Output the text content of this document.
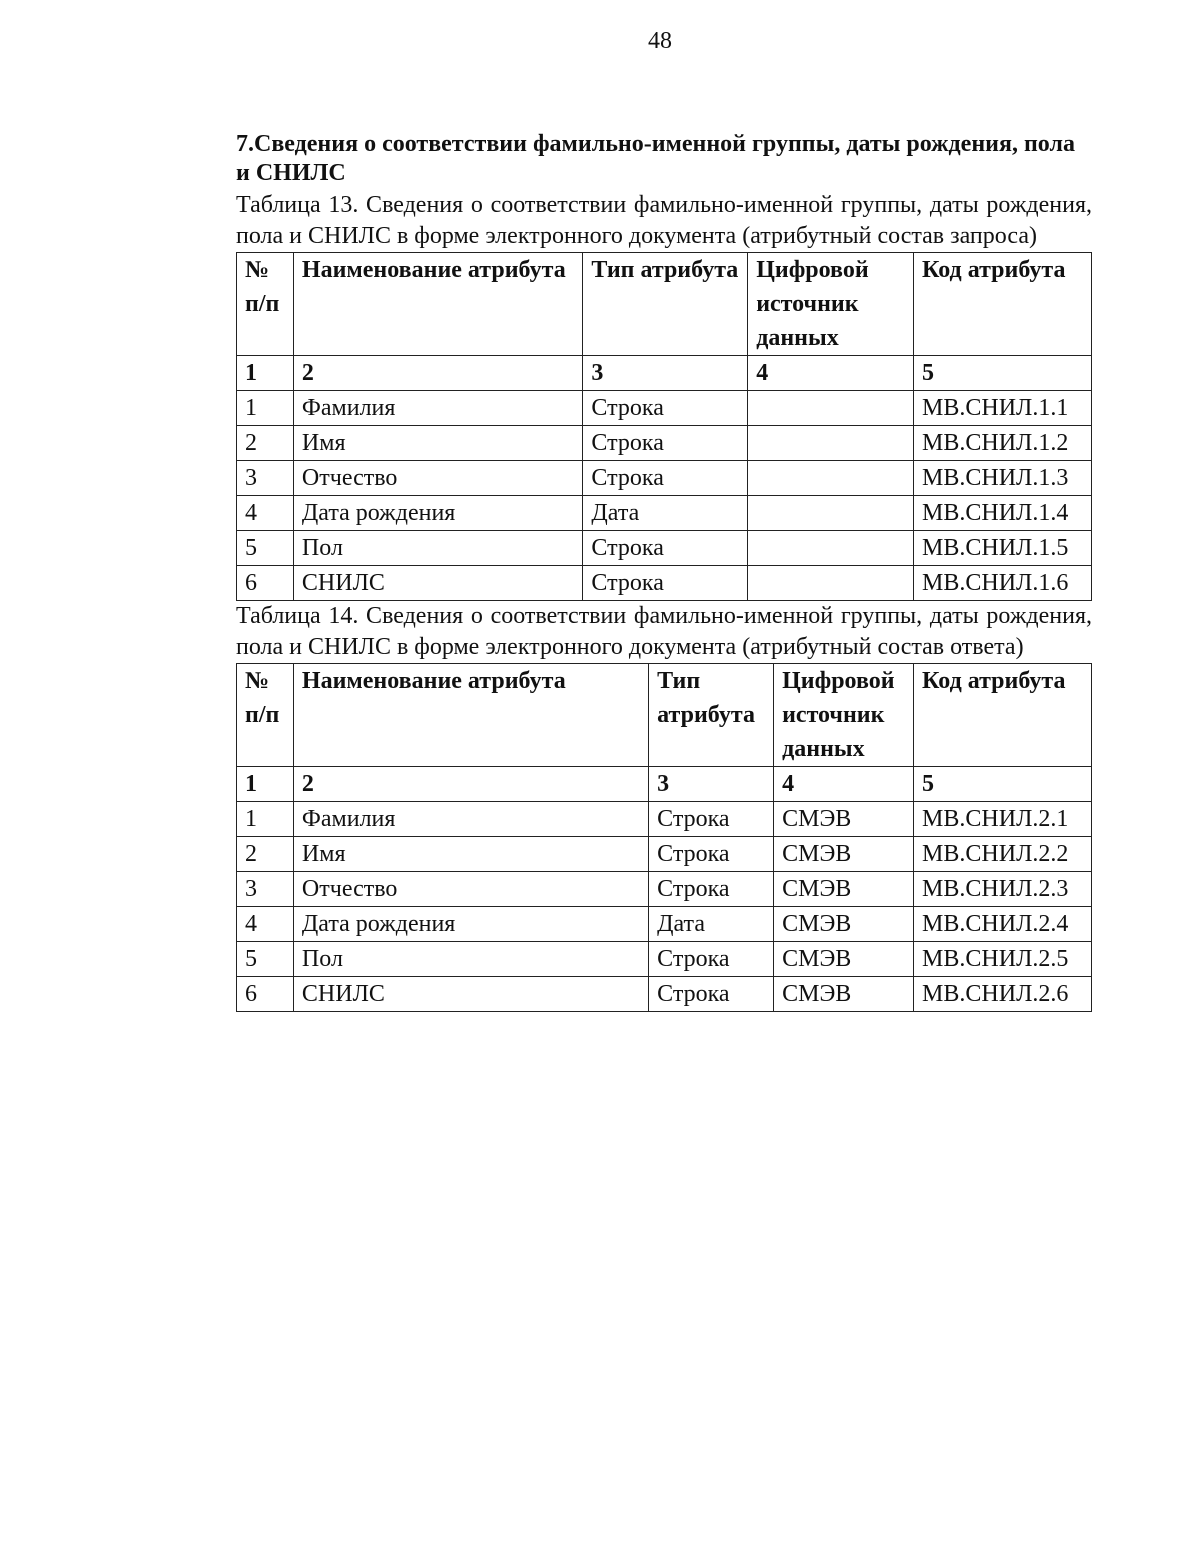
48

7.Сведения о соответствии фамильно-именной группы, даты рождения, пола и СНИЛС

Таблица 13. Сведения о соответствии фамильно-именной группы, даты рождения, пола и СНИЛС в форме электронного документа (атрибутный состав запроса)

№ п/п	Наименование атрибута	Тип атрибута	Цифровой источник данных	Код атрибута
1	2	3	4	5
1	Фамилия	Строка		МВ.СНИЛ.1.1
2	Имя	Строка		МВ.СНИЛ.1.2
3	Отчество	Строка		МВ.СНИЛ.1.3
4	Дата рождения	Дата		МВ.СНИЛ.1.4
5	Пол	Строка		МВ.СНИЛ.1.5
6	СНИЛС	Строка		МВ.СНИЛ.1.6

Таблица 14. Сведения о соответствии фамильно-именной группы, даты рождения, пола и СНИЛС в форме электронного документа (атрибутный состав ответа)

№ п/п	Наименование атрибута	Тип атрибута	Цифровой источник данных	Код атрибута
1	2	3	4	5
1	Фамилия	Строка	СМЭВ	МВ.СНИЛ.2.1
2	Имя	Строка	СМЭВ	МВ.СНИЛ.2.2
3	Отчество	Строка	СМЭВ	МВ.СНИЛ.2.3
4	Дата рождения	Дата	СМЭВ	МВ.СНИЛ.2.4
5	Пол	Строка	СМЭВ	МВ.СНИЛ.2.5
6	СНИЛС	Строка	СМЭВ	МВ.СНИЛ.2.6
